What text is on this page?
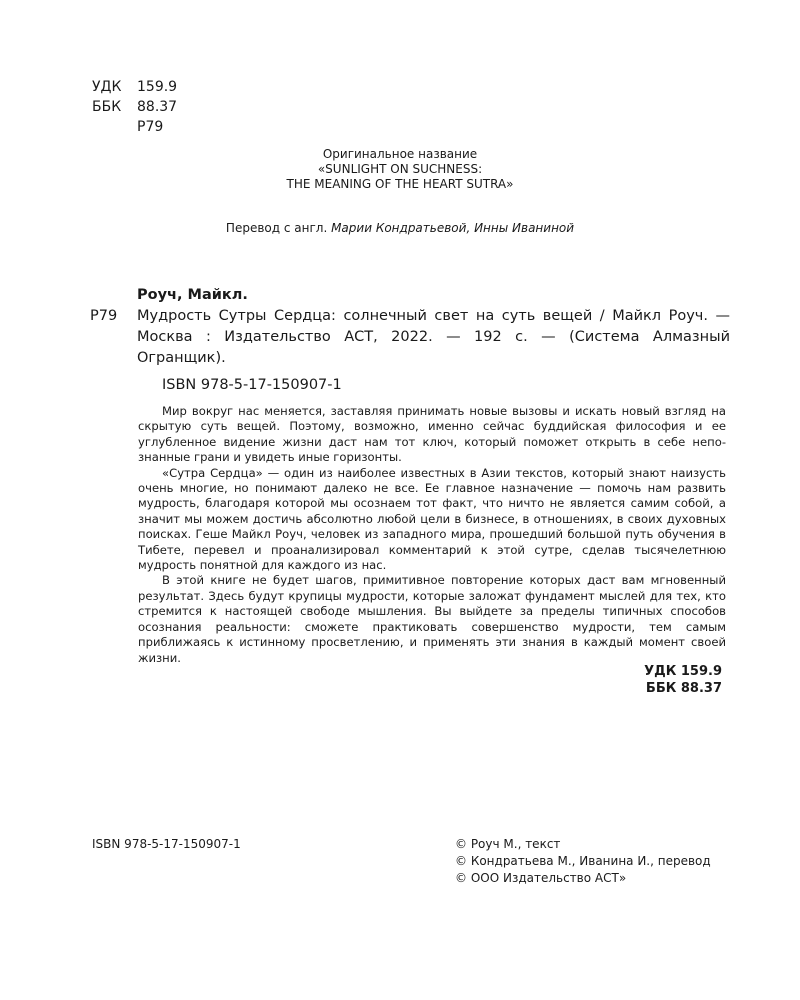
УДК	159.9
ББК	88.37
Р79
Оригинальное название
«SUNLIGHT ON SUCHNESS:
THE MEANING OF THE HEART SUTRA»
Перевод с англ. Марии Кондратьевой, Инны Иваниной
Роуч, Майкл.
Р79 Мудрость Сутры Сердца: солнечный свет на суть вещей / Майкл Роуч. — Москва : Издательство АСТ, 2022. — 192 с. — (Система Алмазный Огранщик).
ISBN 978-5-17-150907-1

Мир вокруг нас меняется, заставляя принимать новые вызовы и искать новый взгляд на скрытую суть вещей. Поэтому, возможно, именно сейчас буддийская философия и ее углубленное видение жизни даст нам тот ключ, который поможет открыть в себе непознанные грани и увидеть иные горизонты.

«Сутра Сердца» — один из наиболее известных в Азии текстов, который знают наизусть очень многие, но понимают далеко не все. Ее главное назначение — помочь нам развить мудрость, благодаря которой мы осознаем тот факт, что ничто не является самим собой, а значит мы можем достичь абсолютно любой цели в бизнесе, в отношениях, в своих духовных поисках. Геше Майкл Роуч, человек из западного мира, прошедший большой путь обучения в Тибете, перевел и проанализировал комментарий к этой сутре, сделав тысячелетнюю мудрость понятной для каждого из нас.

В этой книге не будет шагов, примитивное повторение которых даст вам мгновенный результат. Здесь будут крупицы мудрости, которые заложат фундамент мыслей для тех, кто стремится к настоящей свободе мышления. Вы выйдете за пределы типичных способов осознания реальности: сможете практиковать совершенство мудрости, тем самым приближаясь к истинному просветлению, и применять эти знания в каждый момент своей жизни.

УДК 159.9
ББК 88.37
ISBN 978-5-17-150907-1	© Роуч М., текст
© Кондратьева М., Иванина И., перевод
© ООО Издательство АСТ»
